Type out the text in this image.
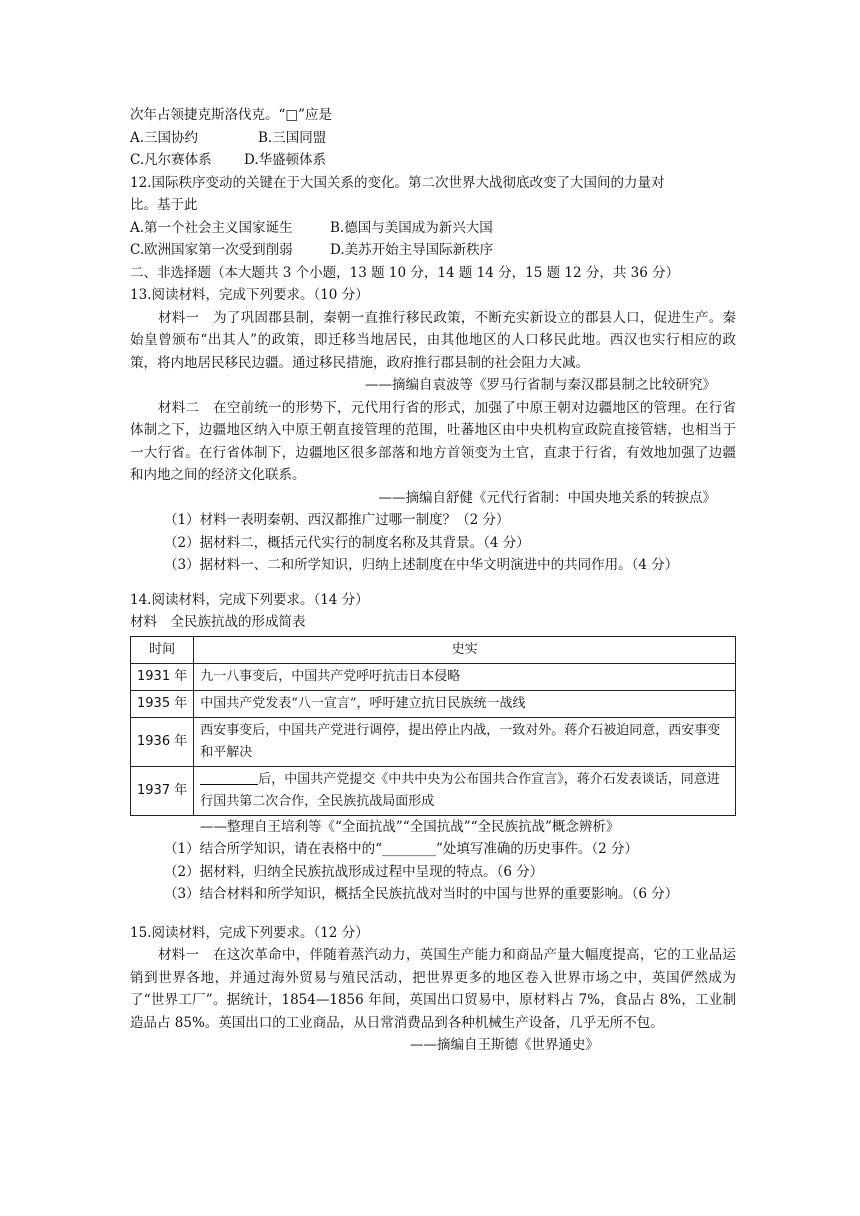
次年占领捷克斯洛伐克。“□”应是
A.三国协约	B.三国同盟
C.凡尔赛体系 D.华盛顿体系
12.国际秩序变动的关键在于大国关系的变化。第二次世界大战彻底改变了大国间的力量对
比。基于此
A.第一个社会主义国家诞生	B.德国与美国成为新兴大国
C.欧洲国家第一次受到削弱	D.美苏开始主导国际新秩序
二、非选择题（本大题共 3 个小题，13 题 10 分，14 题 14 分，15 题 12 分，共 36 分）
13.阅读材料，完成下列要求。（10 分）
材料一　为了巩固郡县制，秦朝一直推行移民政策，不断充实新设立的郡县人口，促进生产。秦始皇曾颁布“出其人”的政策，即迁移当地居民，由其他地区的人口移民此地。西汉也实行相应的政策，将内地居民移民边疆。通过移民措施，政府推行郡县制的社会阻力大减。
——摘编自袁波等《罗马行省制与秦汉郡县制之比较研究》
材料二　在空前统一的形势下，元代用行省的形式，加强了中原王朝对边疆地区的管理。在行省体制之下，边疆地区纳入中原王朝直接管理的范围，吐蕃地区由中央机构宣政院直接管辖，也相当于一大行省。在行省体制下，边疆地区很多部落和地方首领变为土官，直隶于行省，有效地加强了边疆和内地之间的经济文化联系。
——摘编自舒健《元代行省制：中国央地关系的转捩点》
（1）材料一表明秦朝、西汉都推广过哪一制度？（2 分）
（2）据材料二，概括元代实行的制度名称及其背景。（4 分）
（3）据材料一、二和所学知识，归纳上述制度在中华文明演进中的共同作用。（4 分）
14.阅读材料，完成下列要求。（14 分）
材料　全民族抗战的形成简表
时间	史实
1931 年	九一八事变后，中国共产党呼吁抗击日本侵略
1935 年	中国共产党发表“八一宣言”，呼吁建立抗日民族统一战线
1936 年	西安事变后，中国共产党进行调停，提出停止内战，一致对外。蒋介石被迫同意，西安事变和平解决
1937 年	后，中国共产党提交《中共中央为公布国共合作宣言》，蒋介石发表谈话，同意进行国共第二次合作，全民族抗战局面形成
——整理自王培利等《“全面抗战”“全国抗战”“全民族抗战”概念辨析》
（1）结合所学知识，请在表格中的“________”处填写准确的历史事件。（2 分）
（2）据材料，归纳全民族抗战形成过程中呈现的特点。（6 分）
（3）结合材料和所学知识，概括全民族抗战对当时的中国与世界的重要影响。（6 分）
15.阅读材料，完成下列要求。（12 分）
材料一　在这次革命中，伴随着蒸汽动力，英国生产能力和商品产量大幅度提高，它的工业品运销到世界各地，并通过海外贸易与殖民活动，把世界更多的地区卷入世界市场之中，英国俨然成为了“世界工厂”。据统计，1854—1856 年间，英国出口贸易中，原材料占 7%，食品占 8%，工业制造品占 85%。英国出口的工业商品，从日常消费品到各种机械生产设备，几乎无所不包。
——摘编自王斯德《世界通史》
